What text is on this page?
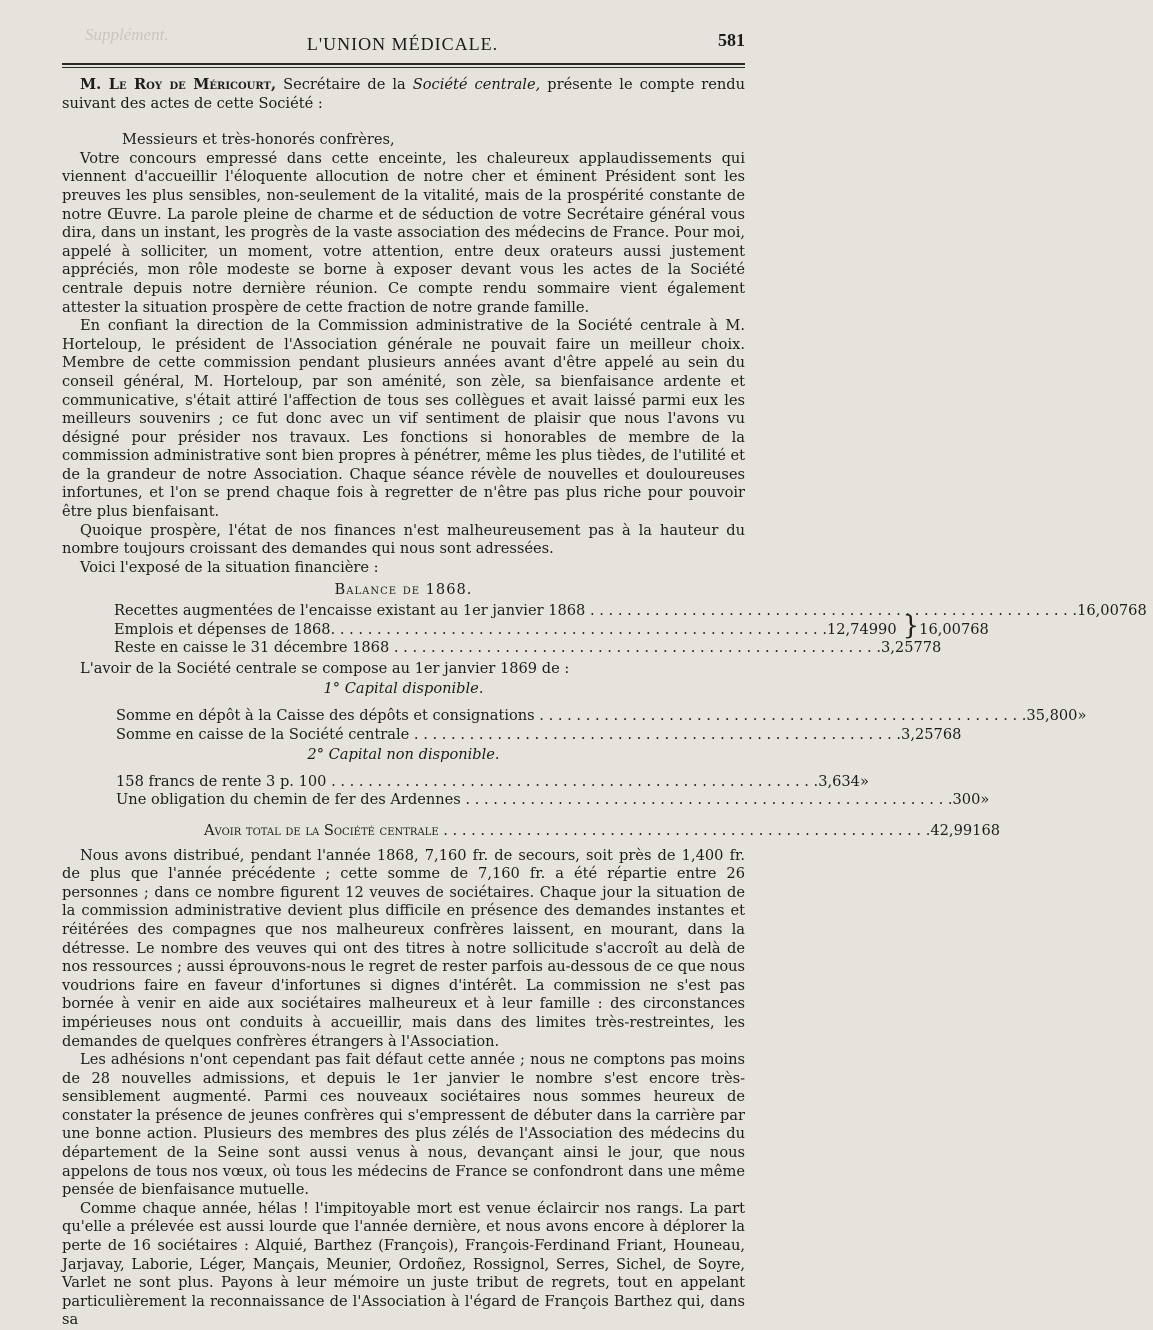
Supplément.	L'UNION MÉDICALE.	581

M. Le Roy de Méricourt, Secrétaire de la Société centrale, présente le compte rendu suivant des actes de cette Société :

Messieurs et très-honorés confrères,

Votre concours empressé dans cette enceinte, les chaleureux applaudissements qui viennent d'accueillir l'éloquente allocution de notre cher et éminent Président sont les preuves les plus sensibles, non-seulement de la vitalité, mais de la prospérité constante de notre Œuvre. La parole pleine de charme et de séduction de votre Secrétaire général vous dira, dans un instant, les progrès de la vaste association des médecins de France. Pour moi, appelé à solliciter, un moment, votre attention, entre deux orateurs aussi justement appréciés, mon rôle modeste se borne à exposer devant vous les actes de la Société centrale depuis notre dernière réunion. Ce compte rendu sommaire vient également attester la situation prospère de cette fraction de notre grande famille.

En confiant la direction de la Commission administrative de la Société centrale à M. Horteloup, le président de l'Association générale ne pouvait faire un meilleur choix. Membre de cette commission pendant plusieurs années avant d'être appelé au sein du conseil général, M. Horteloup, par son aménité, son zèle, sa bienfaisance ardente et communicative, s'était attiré l'affection de tous ses collègues et avait laissé parmi eux les meilleurs souvenirs ; ce fut donc avec un vif sentiment de plaisir que nous l'avons vu désigné pour présider nos travaux. Les fonctions si honorables de membre de la commission administrative sont bien propres à pénétrer, même les plus tièdes, de l'utilité et de la grandeur de notre Association. Chaque séance révèle de nouvelles et douloureuses infortunes, et l'on se prend chaque fois à regretter de n'être pas plus riche pour pouvoir être plus bienfaisant.

Quoique prospère, l'état de nos finances n'est malheureusement pas à la hauteur du nombre toujours croissant des demandes qui nous sont adressées.

Voici l'exposé de la situation financière :

Balance de 1868.
Recettes augmentées de l'encaisse existant au 1er janvier 1868 . . .	16,007 68
Emplois et dépenses de 1868. . . .	12,749 90 } 16,007 68
Reste en caisse le 31 décembre 1868 . . .	3,257 78

L'avoir de la Société centrale se compose au 1er janvier 1869 de :

1° Capital disponible.
Somme en dépôt à la Caisse des dépôts et consignations . . .	35,800 »
Somme en caisse de la Société centrale . . .	3,257 68
2° Capital non disponible.
158 francs de rente 3 p. 100 . . .	3,634 »
Une obligation du chemin de fer des Ardennes . . .	300 »
Avoir total de la Société centrale . . .	42,991 68

Nous avons distribué, pendant l'année 1868, 7,160 fr. de secours, soit près de 1,400 fr. de plus que l'année précédente ; cette somme de 7,160 fr. a été répartie entre 26 personnes ; dans ce nombre figurent 12 veuves de sociétaires. Chaque jour la situation de la commission administrative devient plus difficile en présence des demandes instantes et réitérées des compagnes que nos malheureux confrères laissent, en mourant, dans la détresse. Le nombre des veuves qui ont des titres à notre sollicitude s'accroît au delà de nos ressources ; aussi éprouvons-nous le regret de rester parfois au-dessous de ce que nous voudrions faire en faveur d'infortunes si dignes d'intérêt. La commission ne s'est pas bornée à venir en aide aux sociétaires malheureux et à leur famille : des circonstances impérieuses nous ont conduits à accueillir, mais dans des limites très-restreintes, les demandes de quelques confrères étrangers à l'Association.

Les adhésions n'ont cependant pas fait défaut cette année ; nous ne comptons pas moins de 28 nouvelles admissions, et depuis le 1er janvier le nombre s'est encore très-sensiblement augmenté. Parmi ces nouveaux sociétaires nous sommes heureux de constater la présence de jeunes confrères qui s'empressent de débuter dans la carrière par une bonne action. Plusieurs des membres des plus zélés de l'Association des médecins du département de la Seine sont aussi venus à nous, devançant ainsi le jour, que nous appelons de tous nos vœux, où tous les médecins de France se confondront dans une même pensée de bienfaisance mutuelle.

Comme chaque année, hélas ! l'impitoyable mort est venue éclaircir nos rangs. La part qu'elle a prélevée est aussi lourde que l'année dernière, et nous avons encore à déplorer la perte de 16 sociétaires : Alquié, Barthez (François), François-Ferdinand Friant, Houneau, Jarjavay, Laborie, Léger, Mançais, Meunier, Ordoñez, Rossignol, Serres, Sichel, de Soyre, Varlet ne sont plus. Payons à leur mémoire un juste tribut de regrets, tout en appelant particulièrement la reconnaissance de l'Association à l'égard de François Barthez qui, dans sa
